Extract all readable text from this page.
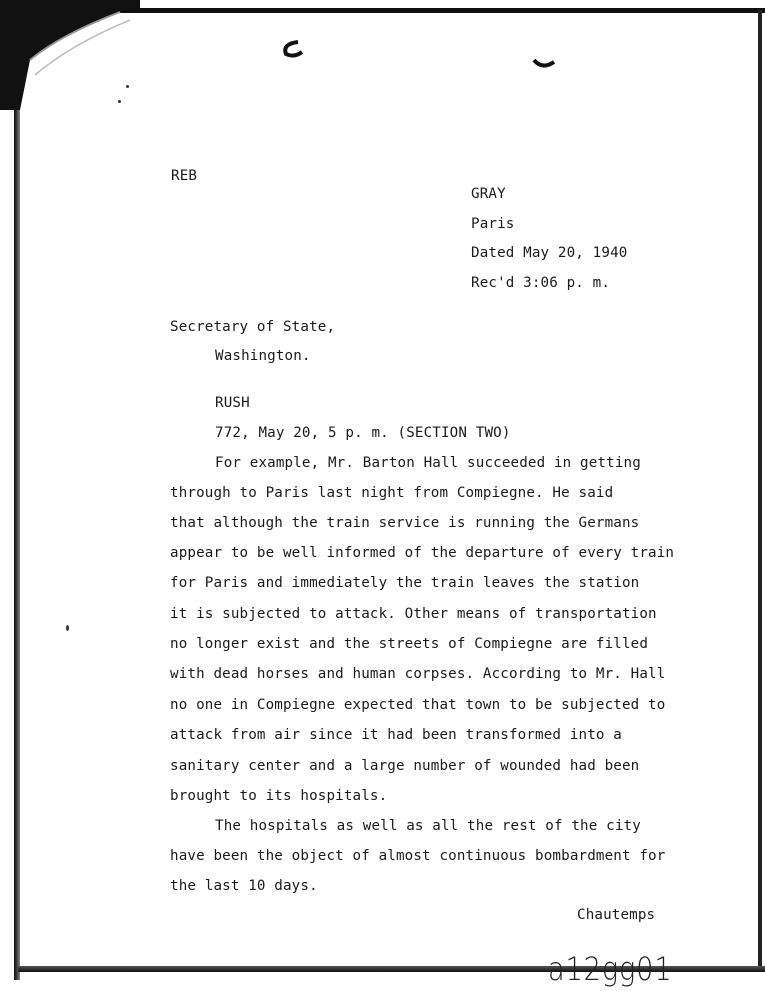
REB
GRAY
Paris
Dated May 20, 1940
Rec'd 3:06 p. m.
Secretary of State,
Washington.
RUSH
772, May 20, 5 p. m. (SECTION TWO)
For example, Mr. Barton Hall succeeded in getting
through to Paris last night from Compiegne. He said
that although the train service is running the Germans
appear to be well informed of the departure of every train
for Paris and immediately the train leaves the station
it is subjected to attack. Other means of transportation
no longer exist and the streets of Compiegne are filled
with dead horses and human corpses. According to Mr. Hall
no one in Compiegne expected that town to be subjected to
attack from air since it had been transformed into a
sanitary center and a large number of wounded had been
brought to its hospitals.
The hospitals as well as all the rest of the city
have been the object of almost continuous bombardment for
the last 10 days.
Chautemps
a12gg01
